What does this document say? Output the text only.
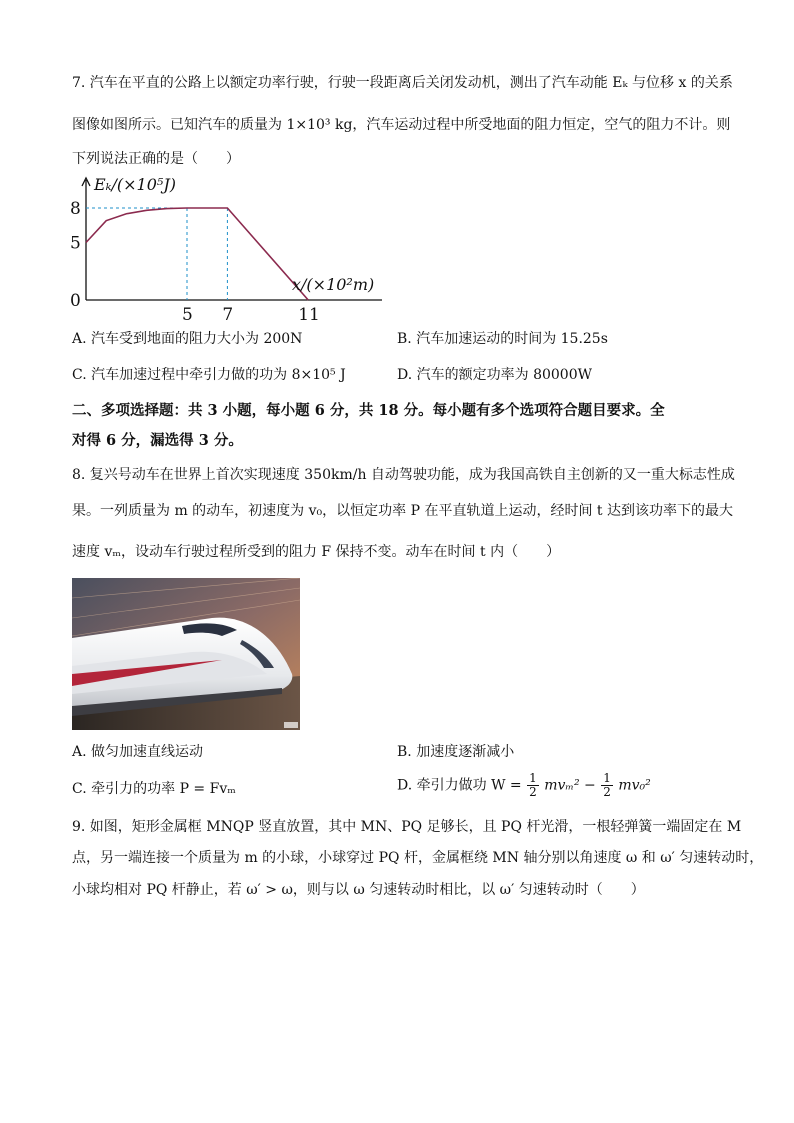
7. 汽车在平直的公路上以额定功率行驶，行驶一段距离后关闭发动机，测出了汽车动能 Eₖ 与位移 x 的关系
图像如图所示。已知汽车的质量为 1×10³ kg，汽车运动过程中所受地面的阻力恒定，空气的阻力不计。则
下列说法正确的是（　　）
Eₖ/(×10⁵J)
x/(×10²m)
8
5
0
5 7	11
A. 汽车受到地面的阻力大小为 200N	B. 汽车加速运动的时间为 15.25s
C. 汽车加速过程中牵引力做的功为 8×10⁵ J	D. 汽车的额定功率为 80000W
二、多项选择题：共 3 小题，每小题 6 分，共 18 分。每小题有多个选项符合题目要求。全
对得 6 分，漏选得 3 分。
8. 复兴号动车在世界上首次实现速度 350km/h 自动驾驶功能，成为我国高铁自主创新的又一重大标志性成
果。一列质量为 m 的动车，初速度为 v₀，以恒定功率 P 在平直轨道上运动，经时间 t 达到该功率下的最大
速度 vₘ，设动车行驶过程所受到的阻力 F 保持不变。动车在时间 t 内（　　）
A. 做匀加速直线运动	B. 加速度逐渐减小
C. 牵引力的功率 P = Fvₘ	D. 牵引力做功 $W = \frac{1}{2} mv_m^2 - \frac{1}{2} mv_0^2$
9. 如图，矩形金属框 MNQP 竖直放置，其中 MN、PQ 足够长，且 PQ 杆光滑，一根轻弹簧一端固定在 M
点，另一端连接一个质量为 m 的小球，小球穿过 PQ 杆，金属框绕 MN 轴分别以角速度 ω 和 ω′ 匀速转动时，
小球均相对 PQ 杆静止，若 ω′ > ω，则与以 ω 匀速转动时相比，以 ω′ 匀速转动时（　　）
